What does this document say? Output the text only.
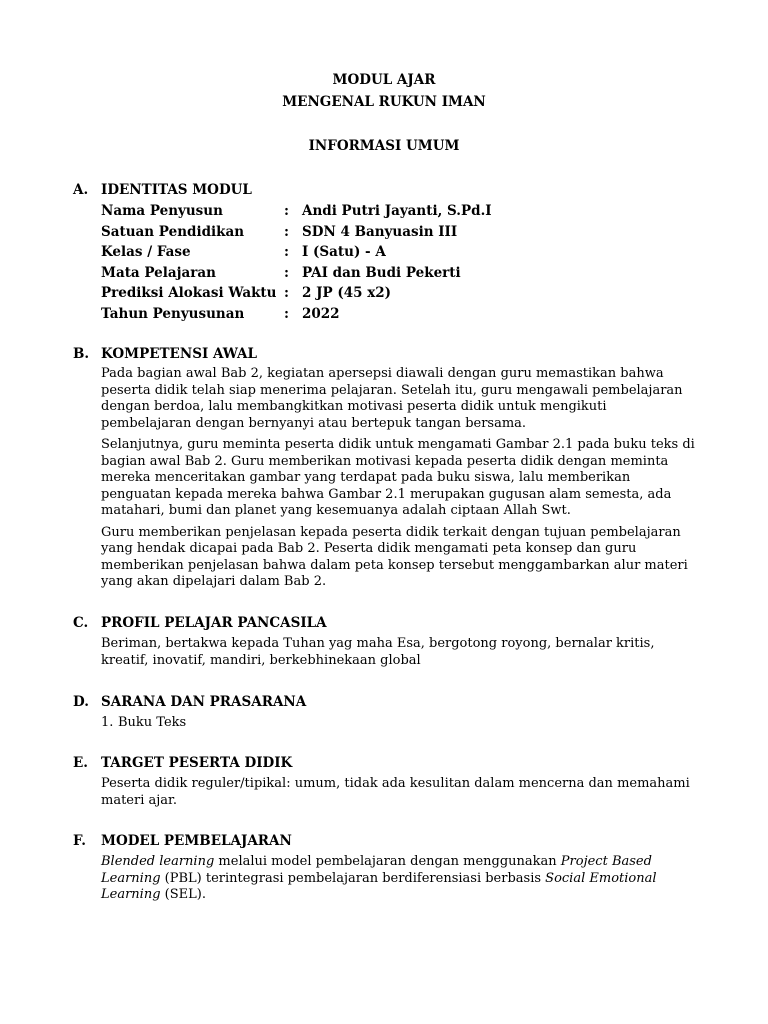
MODUL AJAR
MENGENAL RUKUN IMAN
INFORMASI UMUM
A. IDENTITAS MODUL
Nama Penyusun	: Andi Putri Jayanti, S.Pd.I
Satuan Pendidikan	: SDN 4 Banyuasin III
Kelas / Fase	: I (Satu) - A
Mata Pelajaran	: PAI dan Budi Pekerti
Prediksi Alokasi Waktu : 2 JP (45 x2)
Tahun Penyusunan	: 2022
B. KOMPETENSI AWAL

Pada bagian awal Bab 2, kegiatan apersepsi diawali dengan guru memastikan bahwa peserta didik telah siap menerima pelajaran. Setelah itu, guru mengawali pembelajaran dengan berdoa, lalu membangkitkan motivasi peserta didik untuk mengikuti pembelajaran dengan bernyanyi atau bertepuk tangan bersama.

Selanjutnya, guru meminta peserta didik untuk mengamati Gambar 2.1 pada buku teks di bagian awal Bab 2. Guru memberikan motivasi kepada peserta didik dengan meminta mereka menceritakan gambar yang terdapat pada buku siswa, lalu memberikan penguatan kepada mereka bahwa Gambar 2.1 merupakan gugusan alam semesta, ada matahari, bumi dan planet yang kesemuanya adalah ciptaan Allah Swt.

Guru memberikan penjelasan kepada peserta didik terkait dengan tujuan pembelajaran yang hendak dicapai pada Bab 2. Peserta didik mengamati peta konsep dan guru memberikan penjelasan bahwa dalam peta konsep tersebut menggambarkan alur materi yang akan dipelajari dalam Bab 2.

C. PROFIL PELAJAR PANCASILA

Beriman, bertakwa kepada Tuhan yag maha Esa, bergotong royong, bernalar kritis, kreatif, inovatif, mandiri, berkebhinekaan global

D. SARANA DAN PRASARANA
1. Buku Teks
E. TARGET PESERTA DIDIK

Peserta didik reguler/tipikal: umum, tidak ada kesulitan dalam mencerna dan memahami materi ajar.

F. MODEL PEMBELAJARAN

Blended learning melalui model pembelajaran dengan menggunakan Project Based Learning (PBL) terintegrasi pembelajaran berdiferensiasi berbasis Social Emotional Learning (SEL).
